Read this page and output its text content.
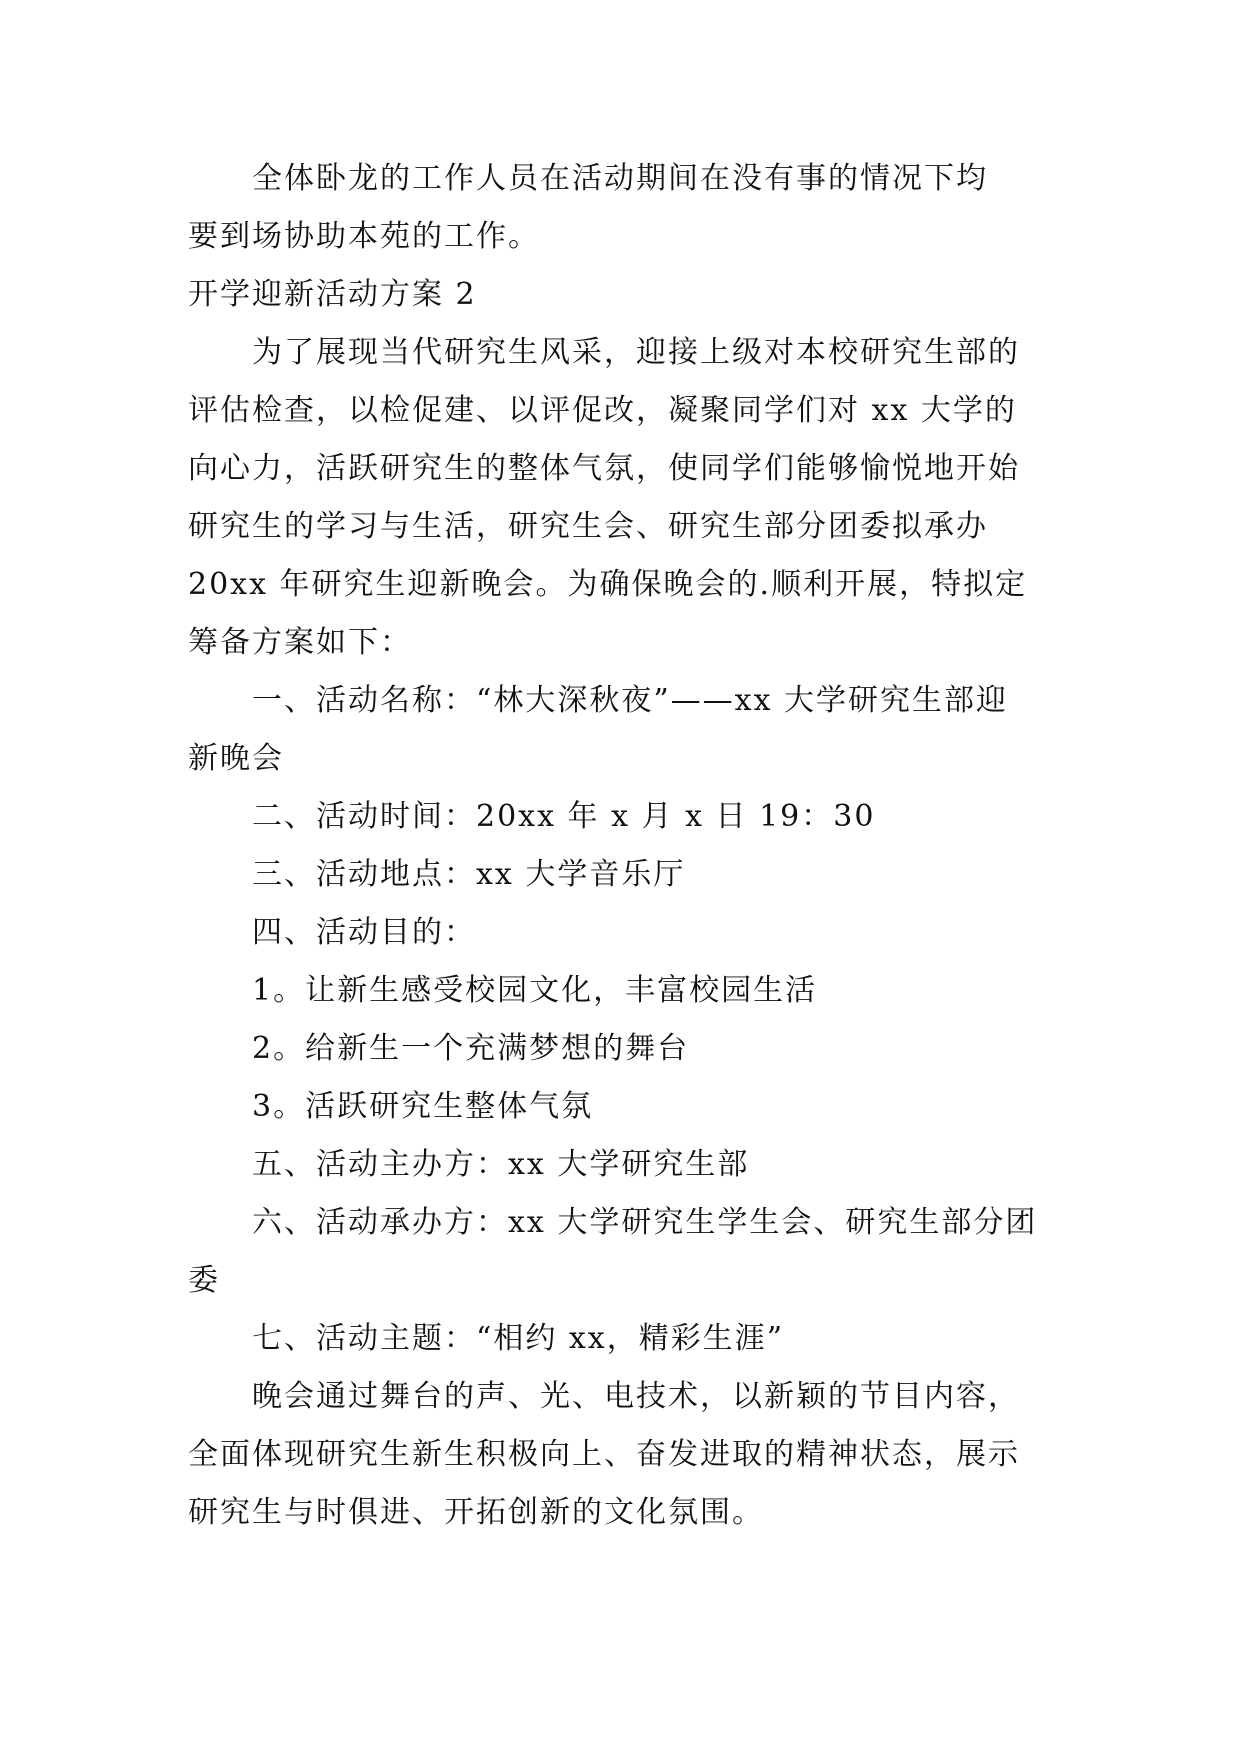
全体卧龙的工作人员在活动期间在没有事的情况下均
要到场协助本苑的工作。
开学迎新活动方案 2
为了展现当代研究生风采，迎接上级对本校研究生部的
评估检查，以检促建、以评促改，凝聚同学们对 xx 大学的
向心力，活跃研究生的整体气氛，使同学们能够愉悦地开始
研究生的学习与生活，研究生会、研究生部分团委拟承办
20xx 年研究生迎新晚会。为确保晚会的.顺利开展，特拟定
筹备方案如下：
一、活动名称：“林大深秋夜”——xx 大学研究生部迎
新晚会
二、活动时间：20xx 年 x 月 x 日 19：30
三、活动地点：xx 大学音乐厅
四、活动目的：
1。让新生感受校园文化，丰富校园生活
2。给新生一个充满梦想的舞台
3。活跃研究生整体气氛
五、活动主办方：xx 大学研究生部
六、活动承办方：xx 大学研究生学生会、研究生部分团
委
七、活动主题：“相约 xx，精彩生涯”
晚会通过舞台的声、光、电技术，以新颖的节目内容，
全面体现研究生新生积极向上、奋发进取的精神状态，展示
研究生与时俱进、开拓创新的文化氛围。
